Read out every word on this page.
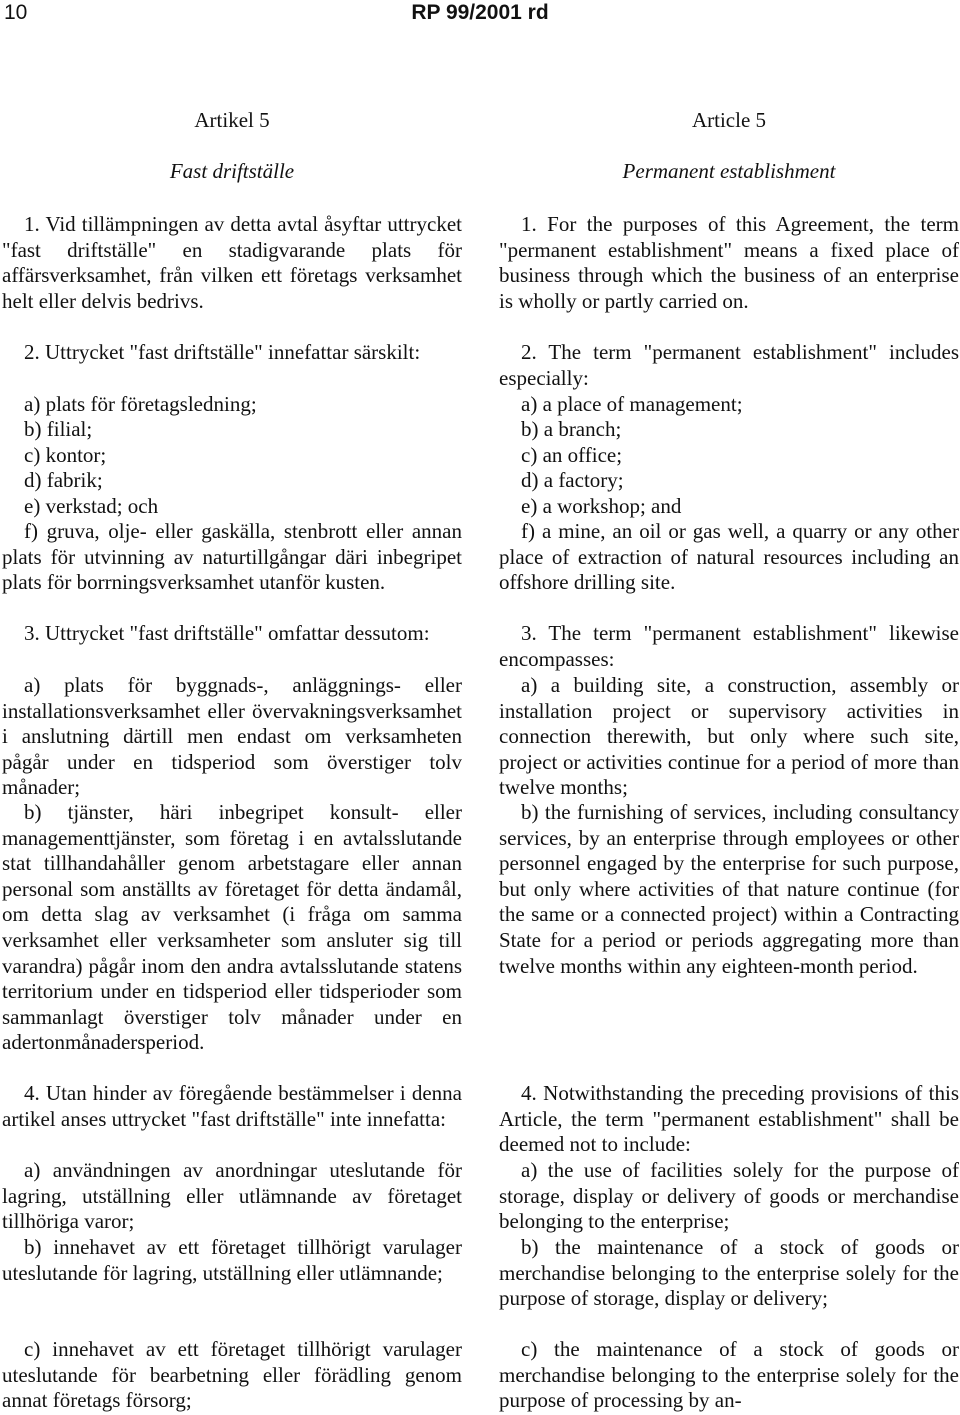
10	RP 99/2001 rd

Artikel 5

Fast driftställe

1. Vid tillämpningen av detta avtal åsyftar uttrycket "fast driftställe" en stadigvarande plats för affärsverksamhet, från vilken ett företags verksamhet helt eller delvis bedrivs.

2. Uttrycket "fast driftställe" innefattar särskilt:

a) plats för företagsledning;

b) filial;

c) kontor;

d) fabrik;

e) verkstad; och

f) gruva, olje- eller gaskälla, stenbrott eller annan plats för utvinning av naturtillgångar däri inbegripet plats för borrningsverksamhet utanför kusten.

3. Uttrycket "fast driftställe" omfattar dessutom:

a) plats för byggnads-, anläggnings- eller installationsverksamhet eller övervakningsverksamhet i anslutning därtill men endast om verksamheten pågår under en tidsperiod som överstiger tolv månader;

b) tjänster, häri inbegripet konsult- eller managementtjänster, som företag i en avtalsslutande stat tillhandahåller genom arbetstagare eller annan personal som anställts av företaget för detta ändamål, om detta slag av verksamhet (i fråga om samma verksamhet eller verksamheter som ansluter sig till varandra) pågår inom den andra avtalsslutande statens territorium under en tidsperiod eller tidsperioder som sammanlagt överstiger tolv månader under en adertonmånadersperiod.

4. Utan hinder av föregående bestämmelser i denna artikel anses uttrycket "fast driftställe" inte innefatta:

a) användningen av anordningar uteslutande för lagring, utställning eller utlämnande av företaget tillhöriga varor;

b) innehavet av ett företaget tillhörigt varulager uteslutande för lagring, utställning eller utlämnande;

c) innehavet av ett företaget tillhörigt varulager uteslutande för bearbetning eller förädling genom annat företags försorg;

Article 5

Permanent establishment

1. For the purposes of this Agreement, the term "permanent establishment" means a fixed place of business through which the business of an enterprise is wholly or partly carried on.

2. The term "permanent establishment" includes especially:

a) a place of management;

b) a branch;

c) an office;

d) a factory;

e) a workshop; and

f) a mine, an oil or gas well, a quarry or any other place of extraction of natural resources including an offshore drilling site.

3. The term "permanent establishment" likewise encompasses:

a) a building site, a construction, assembly or installation project or supervisory activities in connection therewith, but only where such site, project or activities continue for a period of more than twelve months;

b) the furnishing of services, including consultancy services, by an enterprise through employees or other personnel engaged by the enterprise for such purpose, but only where activities of that nature continue (for the same or a connected project) within a Contracting State for a period or periods aggregating more than twelve months within any eighteen-month period.

4. Notwithstanding the preceding provisions of this Article, the term "permanent establishment" shall be deemed not to include:

a) the use of facilities solely for the purpose of storage, display or delivery of goods or merchandise belonging to the enterprise;

b) the maintenance of a stock of goods or merchandise belonging to the enterprise solely for the purpose of storage, display or delivery;

c) the maintenance of a stock of goods or merchandise belonging to the enterprise solely for the purpose of processing by an-
